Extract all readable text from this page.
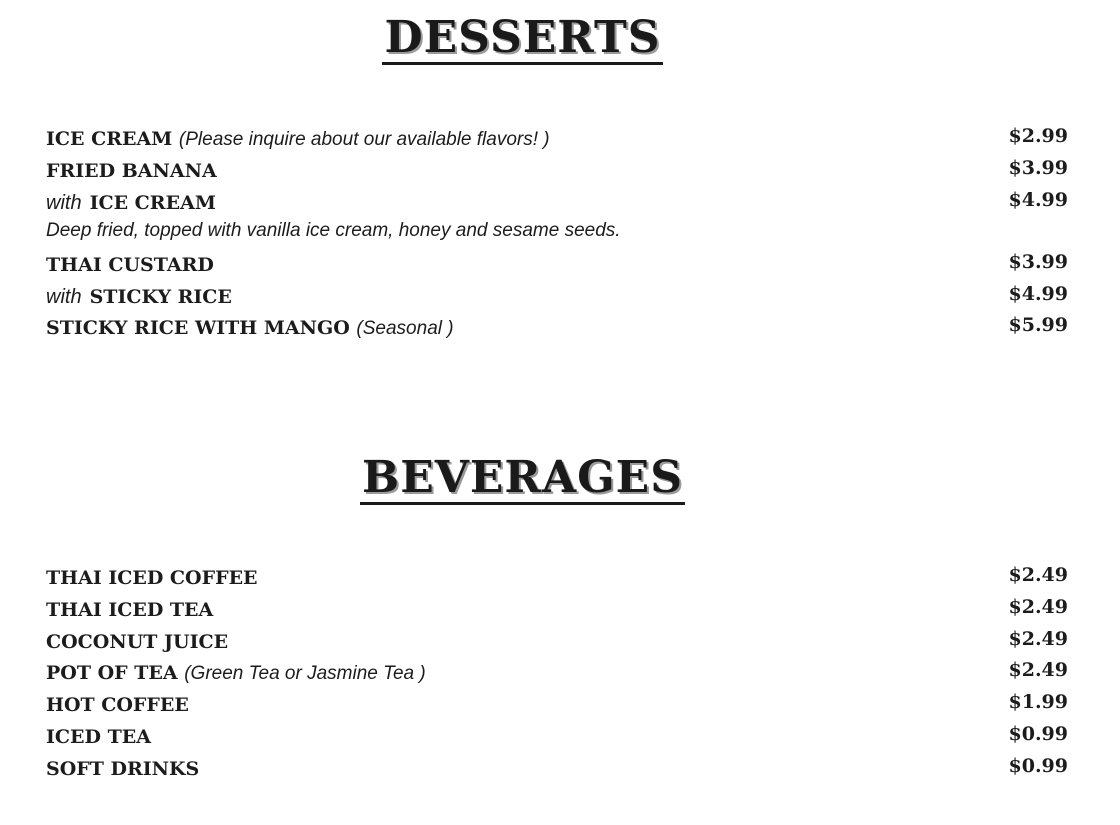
DESSERTS
ICE CREAM (Please inquire about our available flavors! )	$2.99
FRIED BANANA	$3.99
with ICE CREAM	$4.99
Deep fried, topped with vanilla ice cream, honey and sesame seeds.
THAI CUSTARD	$3.99
with STICKY RICE	$4.99
STICKY RICE WITH MANGO (Seasonal )	$5.99
BEVERAGES
THAI ICED COFFEE	$2.49
THAI ICED TEA	$2.49
COCONUT JUICE	$2.49
POT OF TEA (Green Tea or Jasmine Tea )	$2.49
HOT COFFEE	$1.99
ICED TEA	$0.99
SOFT DRINKS	$0.99
